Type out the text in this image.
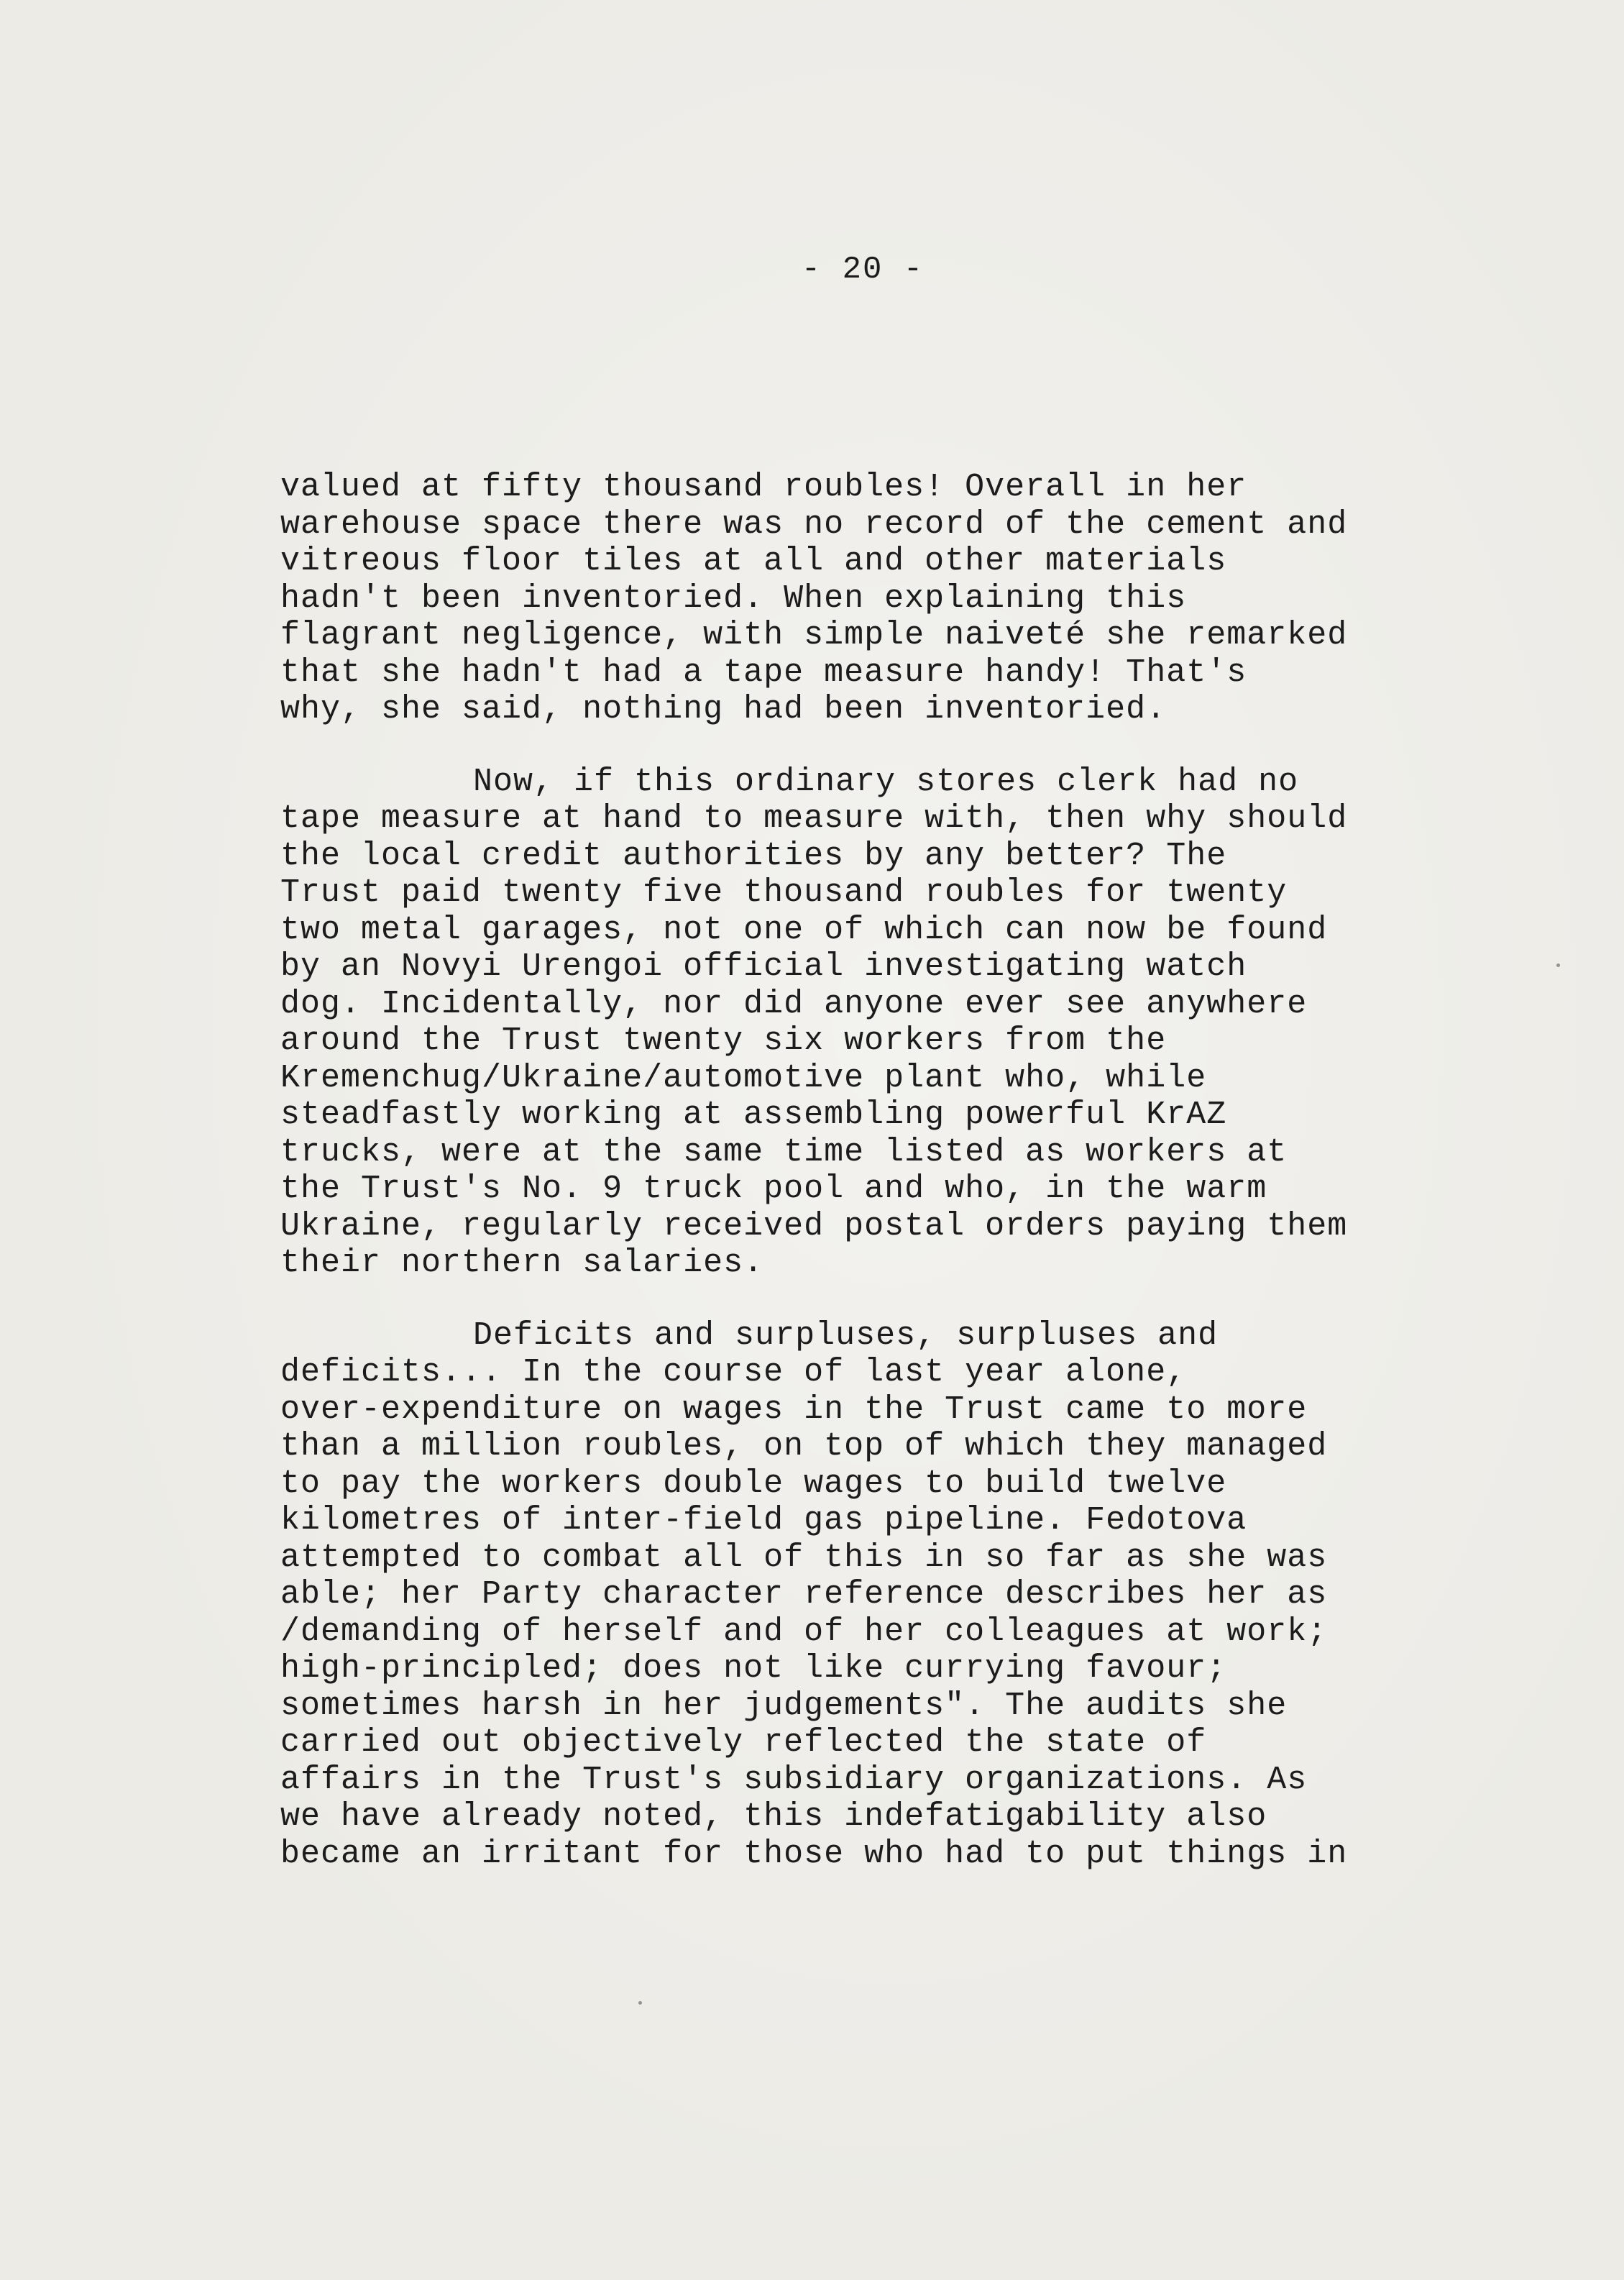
- 20 -

valued at fifty thousand roubles! Overall in her
warehouse space there was no record of the cement and
vitreous floor tiles at all and other materials
hadn't been inventoried. When explaining this
flagrant negligence, with simple naiveté she remarked
that she hadn't had a tape measure handy! That's
why, she said, nothing had been inventoried.

Now, if this ordinary stores clerk had no
tape measure at hand to measure with, then why should
the local credit authorities by any better? The
Trust paid twenty five thousand roubles for twenty
two metal garages, not one of which can now be found
by an Novyi Urengoi official investigating watch
dog. Incidentally, nor did anyone ever see anywhere
around the Trust twenty six workers from the
Kremenchug/Ukraine/automotive plant who, while
steadfastly working at assembling powerful KrAZ
trucks, were at the same time listed as workers at
the Trust's No. 9 truck pool and who, in the warm
Ukraine, regularly received postal orders paying them
their northern salaries.

Deficits and surpluses, surpluses and
deficits... In the course of last year alone,
over-expenditure on wages in the Trust came to more
than a million roubles, on top of which they managed
to pay the workers double wages to build twelve
kilometres of inter-field gas pipeline. Fedotova
attempted to combat all of this in so far as she was
able; her Party character reference describes her as
/demanding of herself and of her colleagues at work;
high-principled; does not like currying favour;
sometimes harsh in her judgements". The audits she
carried out objectively reflected the state of
affairs in the Trust's subsidiary organizations. As
we have already noted, this indefatigability also
became an irritant for those who had to put things in
